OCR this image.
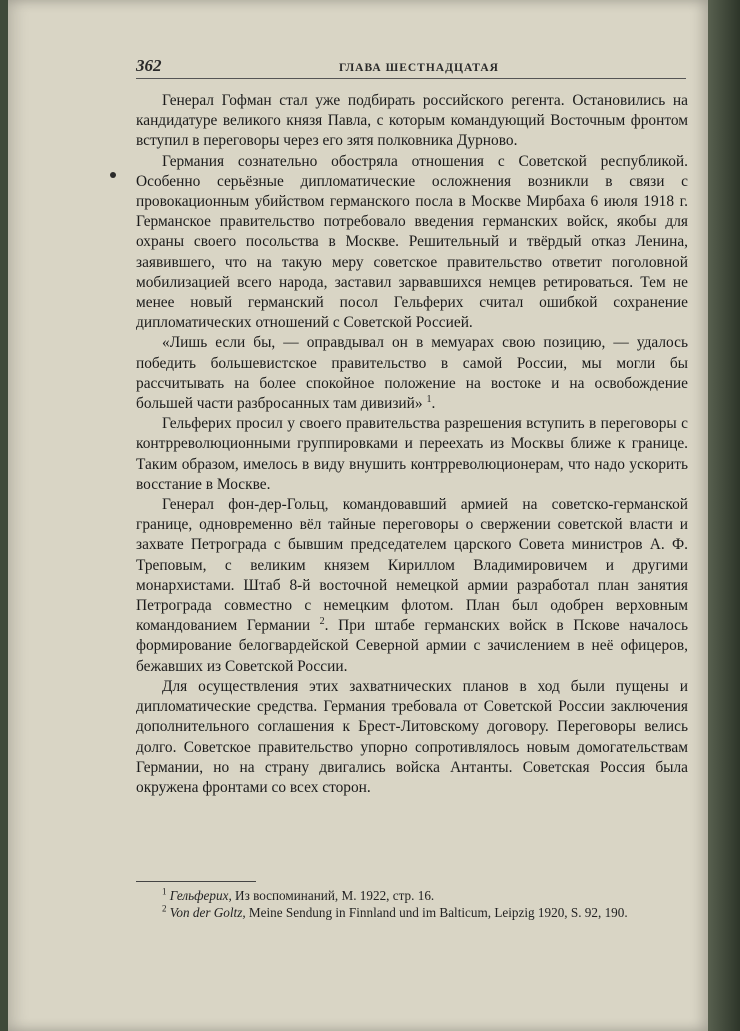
362	ГЛАВА ШЕСТНАДЦАТАЯ

Генерал Гофман стал уже подбирать российского регента. Остановились на кандидатуре великого князя Павла, с которым командующий Восточным фронтом вступил в переговоры через его зятя полковника Дурново.

Германия сознательно обостряла отношения с Советской республикой. Особенно серьёзные дипломатические осложнения возникли в связи с провокационным убийством германского посла в Москве Мирбаха 6 июля 1918 г. Германское правительство потребовало введения германских войск, якобы для охраны своего посольства в Москве. Решительный и твёрдый отказ Ленина, заявившего, что на такую меру советское правительство ответит поголовной мобилизацией всего народа, заставил зарвавшихся немцев ретироваться. Тем не менее новый германский посол Гельферих считал ошибкой сохранение дипломатических отношений с Советской Россией.

«Лишь если бы, — оправдывал он в мемуарах свою позицию, — удалось победить большевистское правительство в самой России, мы могли бы рассчитывать на более спокойное положение на востоке и на освобождение большей части разбросанных там дивизий» $^1$.

Гельферих просил у своего правительства разрешения вступить в переговоры с контрреволюционными группировками и переехать из Москвы ближе к границе. Таким образом, имелось в виду внушить контрреволюционерам, что надо ускорить восстание в Москве.

Генерал фон-дер-Гольц, командовавший армией на советско-германской границе, одновременно вёл тайные переговоры о свержении советской власти и захвате Петрограда с бывшим председателем царского Совета министров А. Ф. Треповым, с великим князем Кириллом Владимировичем и другими монархистами. Штаб 8-й восточной немецкой армии разработал план занятия Петрограда совместно с немецким флотом. План был одобрен верховным командованием Германии $^2$. При штабе германских войск в Пскове началось формирование белогвардейской Северной армии с зачислением в неё офицеров, бежавших из Советской России.

Для осуществления этих захватнических планов в ход были пущены и дипломатические средства. Германия требовала от Советской России заключения дополнительного соглашения к Брест-Литовскому договору. Переговоры велись долго. Советское правительство упорно сопротивлялось новым домогательствам Германии, но на страну двигались войска Антанты. Советская Россия была окружена фронтами со всех сторон.

$^1$ Гельферих, Из воспоминаний, М. 1922, стр. 16.

$^2$ Von der Goltz, Meine Sendung in Finnland und im Balticum, Leipzig 1920, S. 92, 190.
